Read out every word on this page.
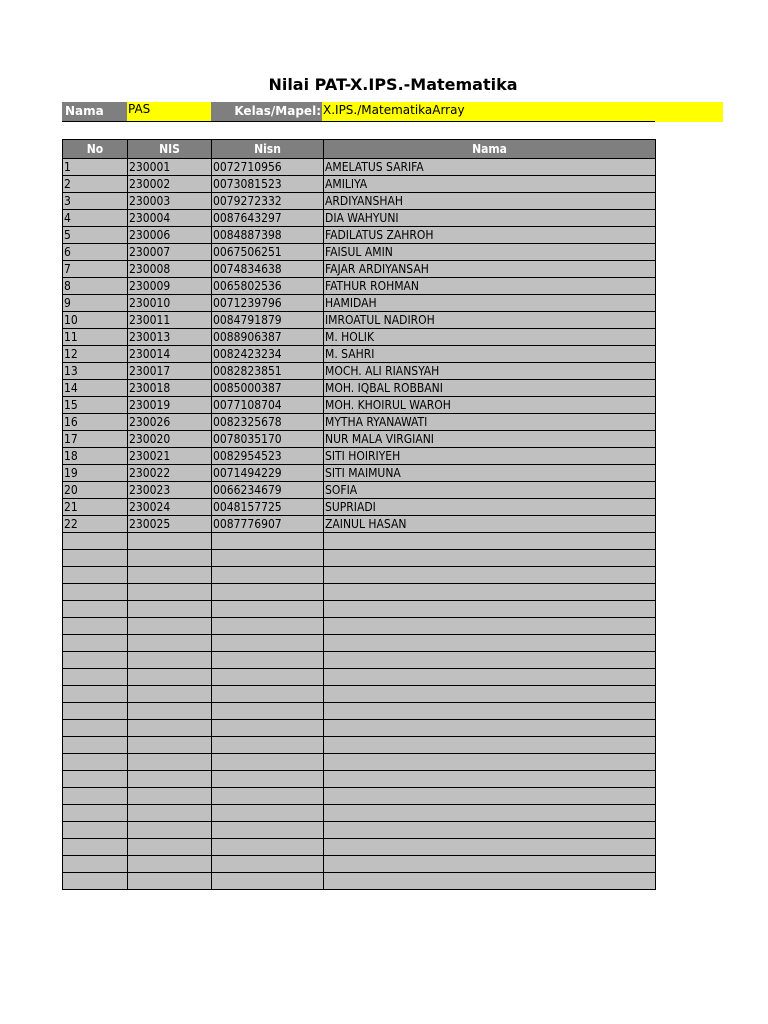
Nilai PAT-X.IPS.-Matematika
Nama	PAS	Kelas/Mapel: X.IPS./MatematikaArray
No	NIS	Nisn	Nama
1	230001	0072710956	AMELATUS SARIFA
2	230002	0073081523	AMILIYA
3	230003	0079272332	ARDIYANSHAH
4	230004	0087643297	DIA WAHYUNI
5	230006	0084887398	FADILATUS ZAHROH
6	230007	0067506251	FAISUL AMIN
7	230008	0074834638	FAJAR ARDIYANSAH
8	230009	0065802536	FATHUR ROHMAN
9	230010	0071239796	HAMIDAH
10	230011	0084791879	IMROATUL NADIROH
11	230013	0088906387	M. HOLIK
12	230014	0082423234	M. SAHRI
13	230017	0082823851	MOCH. ALI RIANSYAH
14	230018	0085000387	MOH. IQBAL ROBBANI
15	230019	0077108704	MOH. KHOIRUL WAROH
16	230026	0082325678	MYTHA RYANAWATI
17	230020	0078035170	NUR MALA VIRGIANI
18	230021	0082954523	SITI HOIRIYEH
19	230022	0071494229	SITI MAIMUNA
20	230023	0066234679	SOFIA
21	230024	0048157725	SUPRIADI
22	230025	0087776907	ZAINUL HASAN
